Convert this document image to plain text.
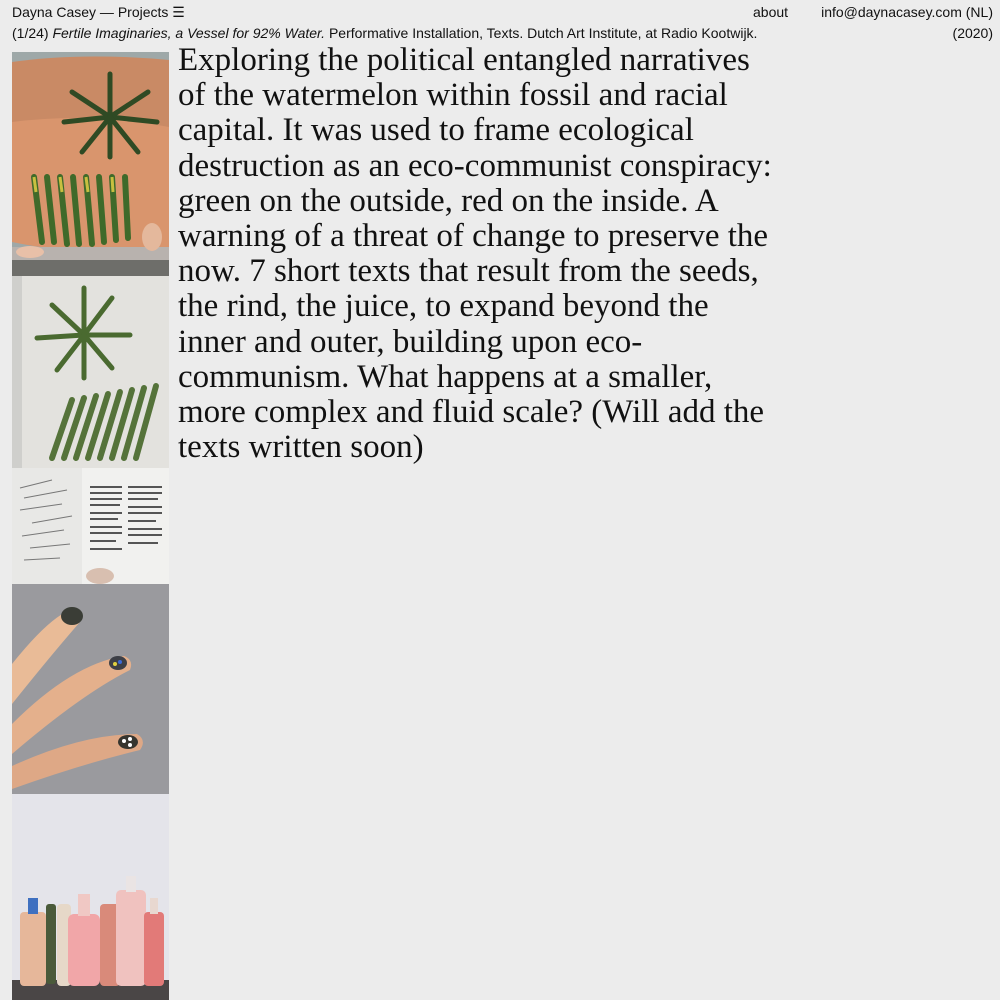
Dayna Casey — Projects ☰	about info@daynacasey.com (NL)
(1/24) Fertile Imaginaries, a Vessel for 92% Water. Performative Installation, Texts. Dutch Art Institute, at Radio Kootwijk.	(2020)

Exploring the political entangled narratives of the watermelon within fossil and racial capital. It was used to frame ecological destruction as an eco-communist conspiracy: green on the outside, red on the inside. A warning of a threat of change to preserve the now. 7 short texts that result from the seeds, the rind, the juice, to expand beyond the inner and outer, building upon eco-communism. What happens at a smaller, more complex and fluid scale? (Will add the texts written soon)
